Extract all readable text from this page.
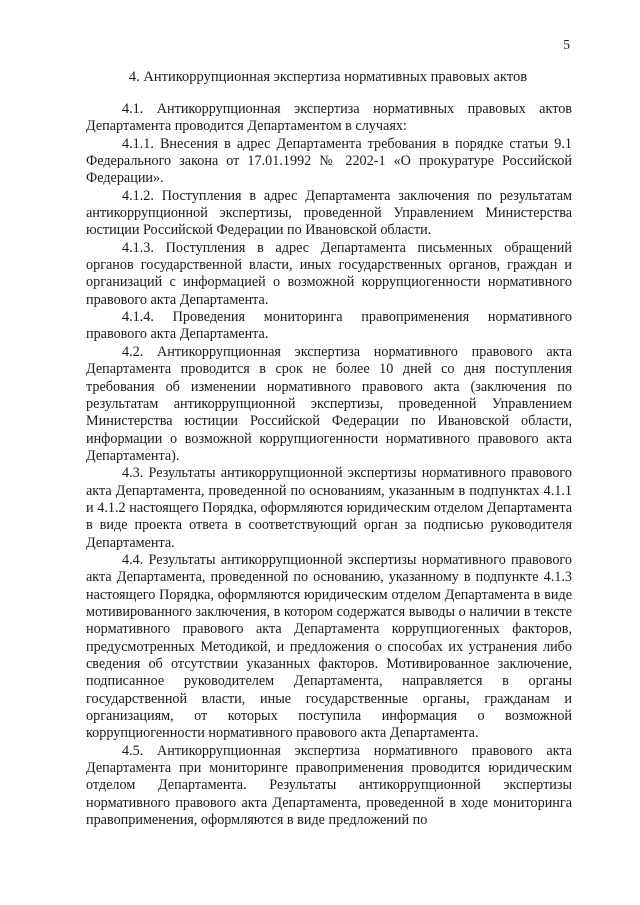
5
4. Антикоррупционная экспертиза нормативных правовых актов

4.1. Антикоррупционная экспертиза нормативных правовых актов Департамента проводится Департаментом в случаях:

4.1.1. Внесения в адрес Департамента требования в порядке статьи 9.1 Федерального закона от 17.01.1992 № 2202-1 «О прокуратуре Российской Федерации».

4.1.2. Поступления в адрес Департамента заключения по результатам антикоррупционной экспертизы, проведенной Управлением Министерства юстиции Российской Федерации по Ивановской области.

4.1.3. Поступления в адрес Департамента письменных обращений органов государственной власти, иных государственных органов, граждан и организаций с информацией о возможной коррупциогенности нормативного правового акта Департамента.

4.1.4. Проведения мониторинга правоприменения нормативного правового акта Департамента.

4.2. Антикоррупционная экспертиза нормативного правового акта Департамента проводится в срок не более 10 дней со дня поступления требования об изменении нормативного правового акта (заключения по результатам антикоррупционной экспертизы, проведенной Управлением Министерства юстиции Российской Федерации по Ивановской области, информации о возможной коррупциогенности нормативного правового акта Департамента).

4.3. Результаты антикоррупционной экспертизы нормативного правового акта Департамента, проведенной по основаниям, указанным в подпунктах 4.1.1 и 4.1.2 настоящего Порядка, оформляются юридическим отделом Департамента в виде проекта ответа в соответствующий орган за подписью руководителя Департамента.

4.4. Результаты антикоррупционной экспертизы нормативного правового акта Департамента, проведенной по основанию, указанному в подпункте 4.1.3 настоящего Порядка, оформляются юридическим отделом Департамента в виде мотивированного заключения, в котором содержатся выводы о наличии в тексте нормативного правового акта Департамента коррупциогенных факторов, предусмотренных Методикой, и предложения о способах их устранения либо сведения об отсутствии указанных факторов. Мотивированное заключение, подписанное руководителем Департамента, направляется в органы государственной власти, иные государственные органы, гражданам и организациям, от которых поступила информация о возможной коррупциогенности нормативного правового акта Департамента.

4.5. Антикоррупционная экспертиза нормативного правового акта Департамента при мониторинге правоприменения проводится юридическим отделом Департамента. Результаты антикоррупционной экспертизы нормативного правового акта Департамента, проведенной в ходе мониторинга правоприменения, оформляются в виде предложений по
